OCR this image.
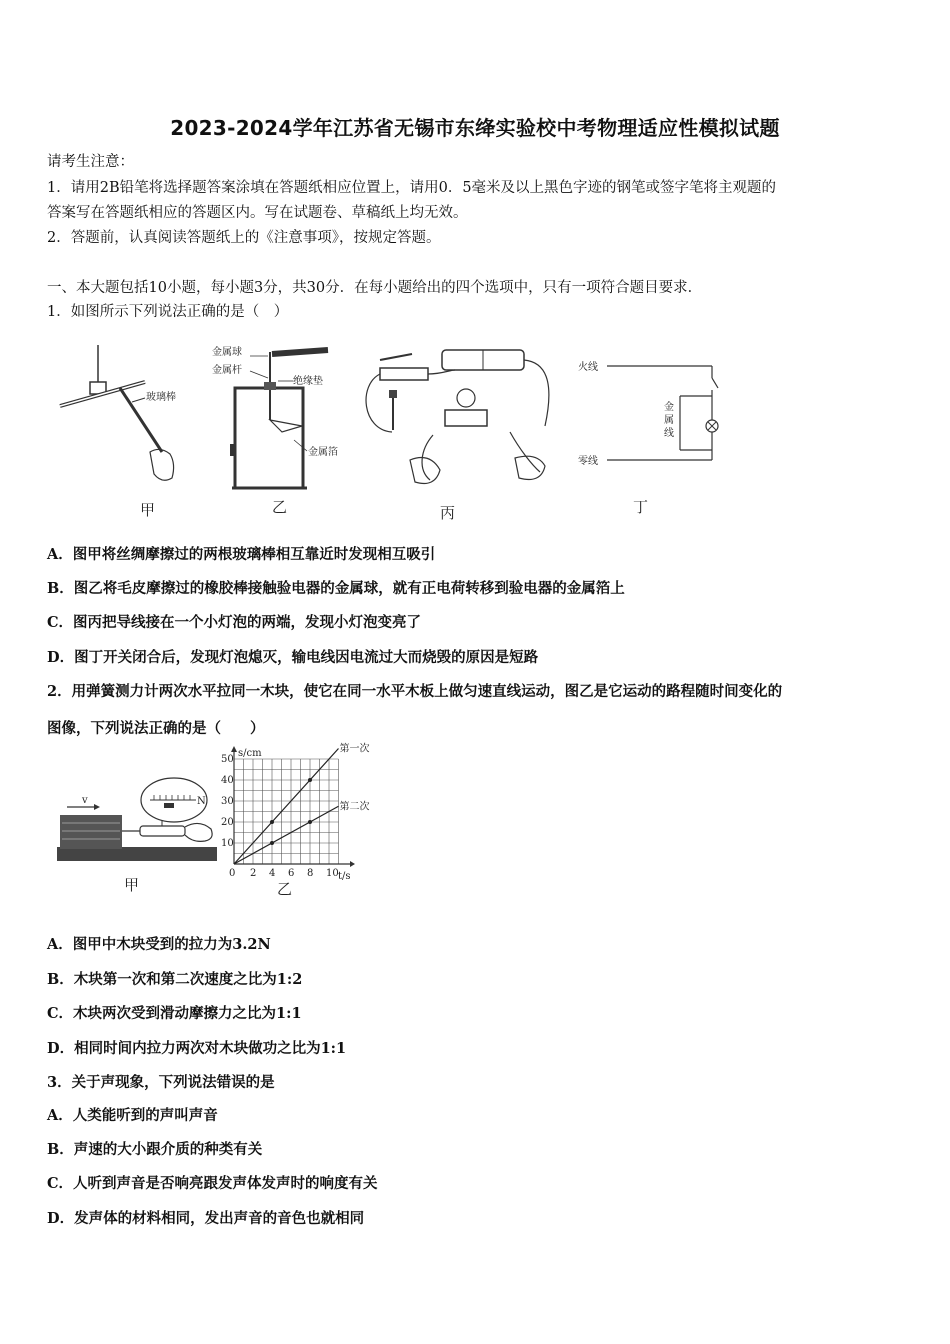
2023-2024学年江苏省无锡市东绛实验校中考物理适应性模拟试题
请考生注意：
1．请用2B铅笔将选择题答案涂填在答题纸相应位置上，请用0．5毫米及以上黑色字迹的钢笔或签字笔将主观题的
答案写在答题纸相应的答题区内。写在试题卷、草稿纸上均无效。
2．答题前，认真阅读答题纸上的《注意事项》，按规定答题。
一、本大题包括10小题，每小题3分，共30分．在每小题给出的四个选项中，只有一项符合题目要求．
1．如图所示下列说法正确的是（　）
玻璃棒
甲
金属球
金属杆
绝缘垫
金属箔
乙	丙
火线
零线
金
属
线
丁
A．图甲将丝绸摩擦过的两根玻璃棒相互靠近时发现相互吸引
B．图乙将毛皮摩擦过的橡胶棒接触验电器的金属球，就有正电荷转移到验电器的金属箔上
C．图丙把导线接在一个小灯泡的两端，发现小灯泡变亮了
D．图丁开关闭合后，发现灯泡熄灭，输电线因电流过大而烧毁的原因是短路
2．用弹簧测力计两次水平拉同一木块，使它在同一水平木板上做匀速直线运动，图乙是它运动的路程随时间变化的
图像，下列说法正确的是（　　）
v	N
甲
s/cm
t/s
0 2 4 6 8 10
10
20
30
40
50
第一次
第二次
乙
A．图甲中木块受到的拉力为3.2N
B．木块第一次和第二次速度之比为1:2
C．木块两次受到滑动摩擦力之比为1:1
D．相同时间内拉力两次对木块做功之比为1:1
3．关于声现象，下列说法错误的是
A．人类能听到的声叫声音
B．声速的大小跟介质的种类有关
C．人听到声音是否响亮跟发声体发声时的响度有关
D．发声体的材料相同，发出声音的音色也就相同
